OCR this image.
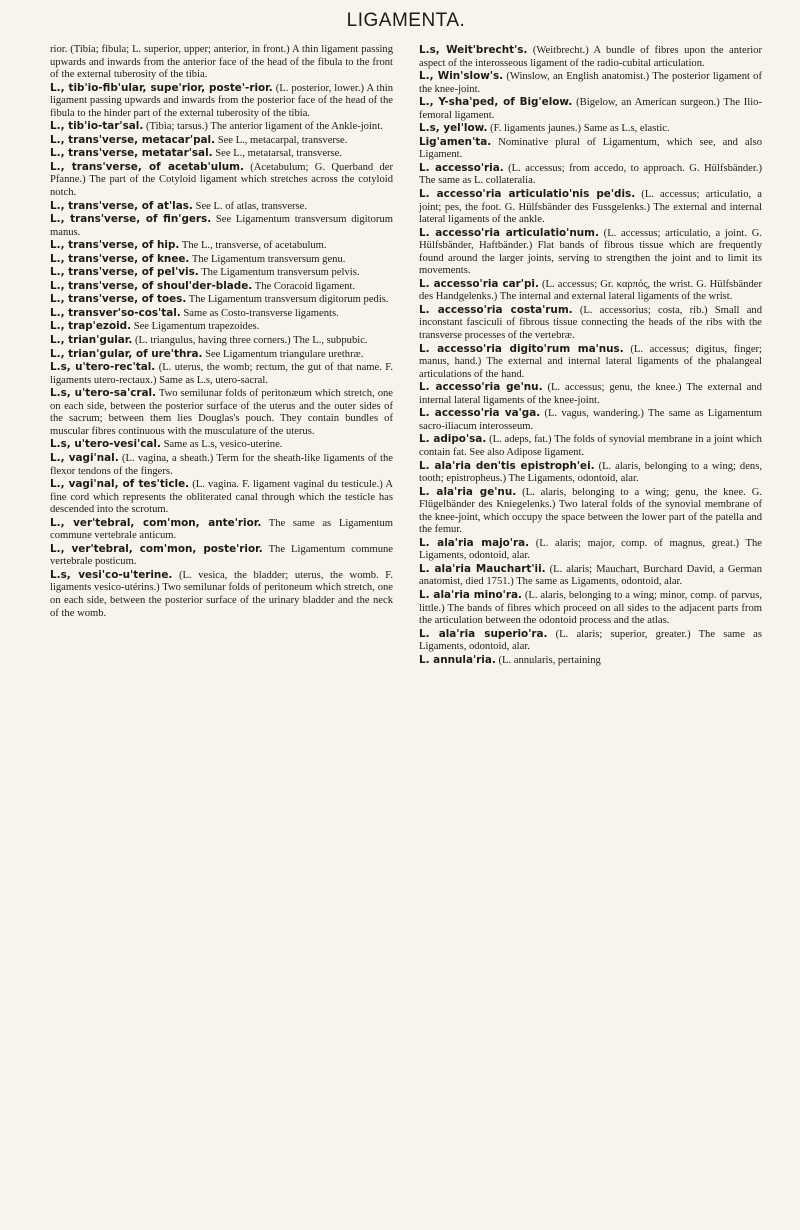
LIGAMENTA.

rior. (Tibia; fibula; L. superior, upper; anterior, in front.) A thin ligament passing upwards and inwards from the anterior face of the head of the fibula to the front of the external tuberosity of the tibia.

L., tib'io-fib'ular, supe'rior, poste'-rior. (L. posterior, lower.) A thin ligament passing upwards and inwards from the posterior face of the head of the fibula to the hinder part of the external tuberosity of the tibia.

L., tib'io-tar'sal. (Tibia; tarsus.) The anterior ligament of the Ankle-joint.

L., trans'verse, metacar'pal. See L., metacarpal, transverse.

L., trans'verse, metatar'sal. See L., metatarsal, transverse.

L., trans'verse, of acetab'ulum. (Acetabulum; G. Querband der Pfanne.) The part of the Cotyloid ligament which stretches across the cotyloid notch.

L., trans'verse, of at'las. See L. of atlas, transverse.

L., trans'verse, of fin'gers. See Ligamentum transversum digitorum manus.

L., trans'verse, of hip. The L., transverse, of acetabulum.

L., trans'verse, of knee. The Ligamentum transversum genu.

L., trans'verse, of pel'vis. The Ligamentum transversum pelvis.

L., trans'verse, of shoul'der-blade. The Coracoid ligament.

L., trans'verse, of toes. The Ligamentum transversum digitorum pedis.

L., transver'so-cos'tal. Same as Costo-transverse ligaments.

L., trap'ezoid. See Ligamentum trapezoides.

L., trian'gular. (L. triangulus, having three corners.) The L., subpubic.

L., trian'gular, of ure'thra. See Ligamentum triangulare urethræ.

L.s, u'tero-rec'tal. (L. uterus, the womb; rectum, the gut of that name. F. ligaments utero-rectaux.) Same as L.s, utero-sacral.

L.s, u'tero-sa'cral. Two semilunar folds of peritonæum which stretch, one on each side, between the posterior surface of the uterus and the outer sides of the sacrum; between them lies Douglas's pouch. They contain bundles of muscular fibres continuous with the musculature of the uterus.

L.s, u'tero-vesi'cal. Same as L.s, vesico-uterine.

L., vagi'nal. (L. vagina, a sheath.) Term for the sheath-like ligaments of the flexor tendons of the fingers.

L., vagi'nal, of tes'ticle. (L. vagina. F. ligament vaginal du testicule.) A fine cord which represents the obliterated canal through which the testicle has descended into the scrotum.

L., ver'tebral, com'mon, ante'rior. The same as Ligamentum commune vertebrale anticum.

L., ver'tebral, com'mon, poste'rior. The Ligamentum commune vertebrale posticum.

L.s, vesi'co-u'terine. (L. vesica, the bladder; uterus, the womb. F. ligaments vesico-utérins.) Two semilunar folds of peritoneum which stretch, one on each side, between the posterior surface of the urinary bladder and the neck of the womb.

L.s, Weit'brecht's. (Weitbrecht.) A bundle of fibres upon the anterior aspect of the interosseous ligament of the radio-cubital articulation.

L., Win'slow's. (Winslow, an English anatomist.) The posterior ligament of the knee-joint.

L., Y-sha'ped, of Big'elow. (Bigelow, an American surgeon.) The Ilio-femoral ligament.

L.s, yel'low. (F. ligaments jaunes.) Same as L.s, elastic.

Lig'amen'ta. Nominative plural of Ligamentum, which see, and also Ligament.

L. accesso'ria. (L. accessus; from accedo, to approach. G. Hülfsbänder.) The same as L. collateralia.

L. accesso'ria articulatio'nis pe'dis. (L. accessus; articulatio, a joint; pes, the foot. G. Hülfsbänder des Fussgelenks.) The external and internal lateral ligaments of the ankle.

L. accesso'ria articulatio'num. (L. accessus; articulatio, a joint. G. Hülfsbänder, Haftbänder.) Flat bands of fibrous tissue which are frequently found around the larger joints, serving to strengthen the joint and to limit its movements.

L. accesso'ria car'pi. (L. accessus; Gr. καρπός, the wrist. G. Hülfsbänder des Handgelenks.) The internal and external lateral ligaments of the wrist.

L. accesso'ria costa'rum. (L. accessorius; costa, rib.) Small and inconstant fasciculi of fibrous tissue connecting the heads of the ribs with the transverse processes of the vertebræ.

L. accesso'ria digito'rum ma'nus. (L. accessus; digitus, finger; manus, hand.) The external and internal lateral ligaments of the phalangeal articulations of the hand.

L. accesso'ria ge'nu. (L. accessus; genu, the knee.) The external and internal lateral ligaments of the knee-joint.

L. accesso'ria va'ga. (L. vagus, wandering.) The same as Ligamentum sacro-iliacum interosseum.

L. adipo'sa. (L. adeps, fat.) The folds of synovial membrane in a joint which contain fat. See also Adipose ligament.

L. ala'ria den'tis epistroph'ei. (L. alaris, belonging to a wing; dens, tooth; epistropheus.) The Ligaments, odontoid, alar.

L. ala'ria ge'nu. (L. alaris, belonging to a wing; genu, the knee. G. Flügelbänder des Kniegelenks.) Two lateral folds of the synovial membrane of the knee-joint, which occupy the space between the lower part of the patella and the femur.

L. ala'ria majo'ra. (L. alaris; major, comp. of magnus, great.) The Ligaments, odontoid, alar.

L. ala'ria Mauchart'ii. (L. alaris; Mauchart, Burchard David, a German anatomist, died 1751.) The same as Ligaments, odontoid, alar.

L. ala'ria mino'ra. (L. alaris, belonging to a wing; minor, comp. of parvus, little.) The bands of fibres which proceed on all sides to the adjacent parts from the articulation between the odontoid process and the atlas.

L. ala'ria superio'ra. (L. alaris; superior, greater.) The same as Ligaments, odontoid, alar.

L. annula'ria. (L. annularis, pertaining
